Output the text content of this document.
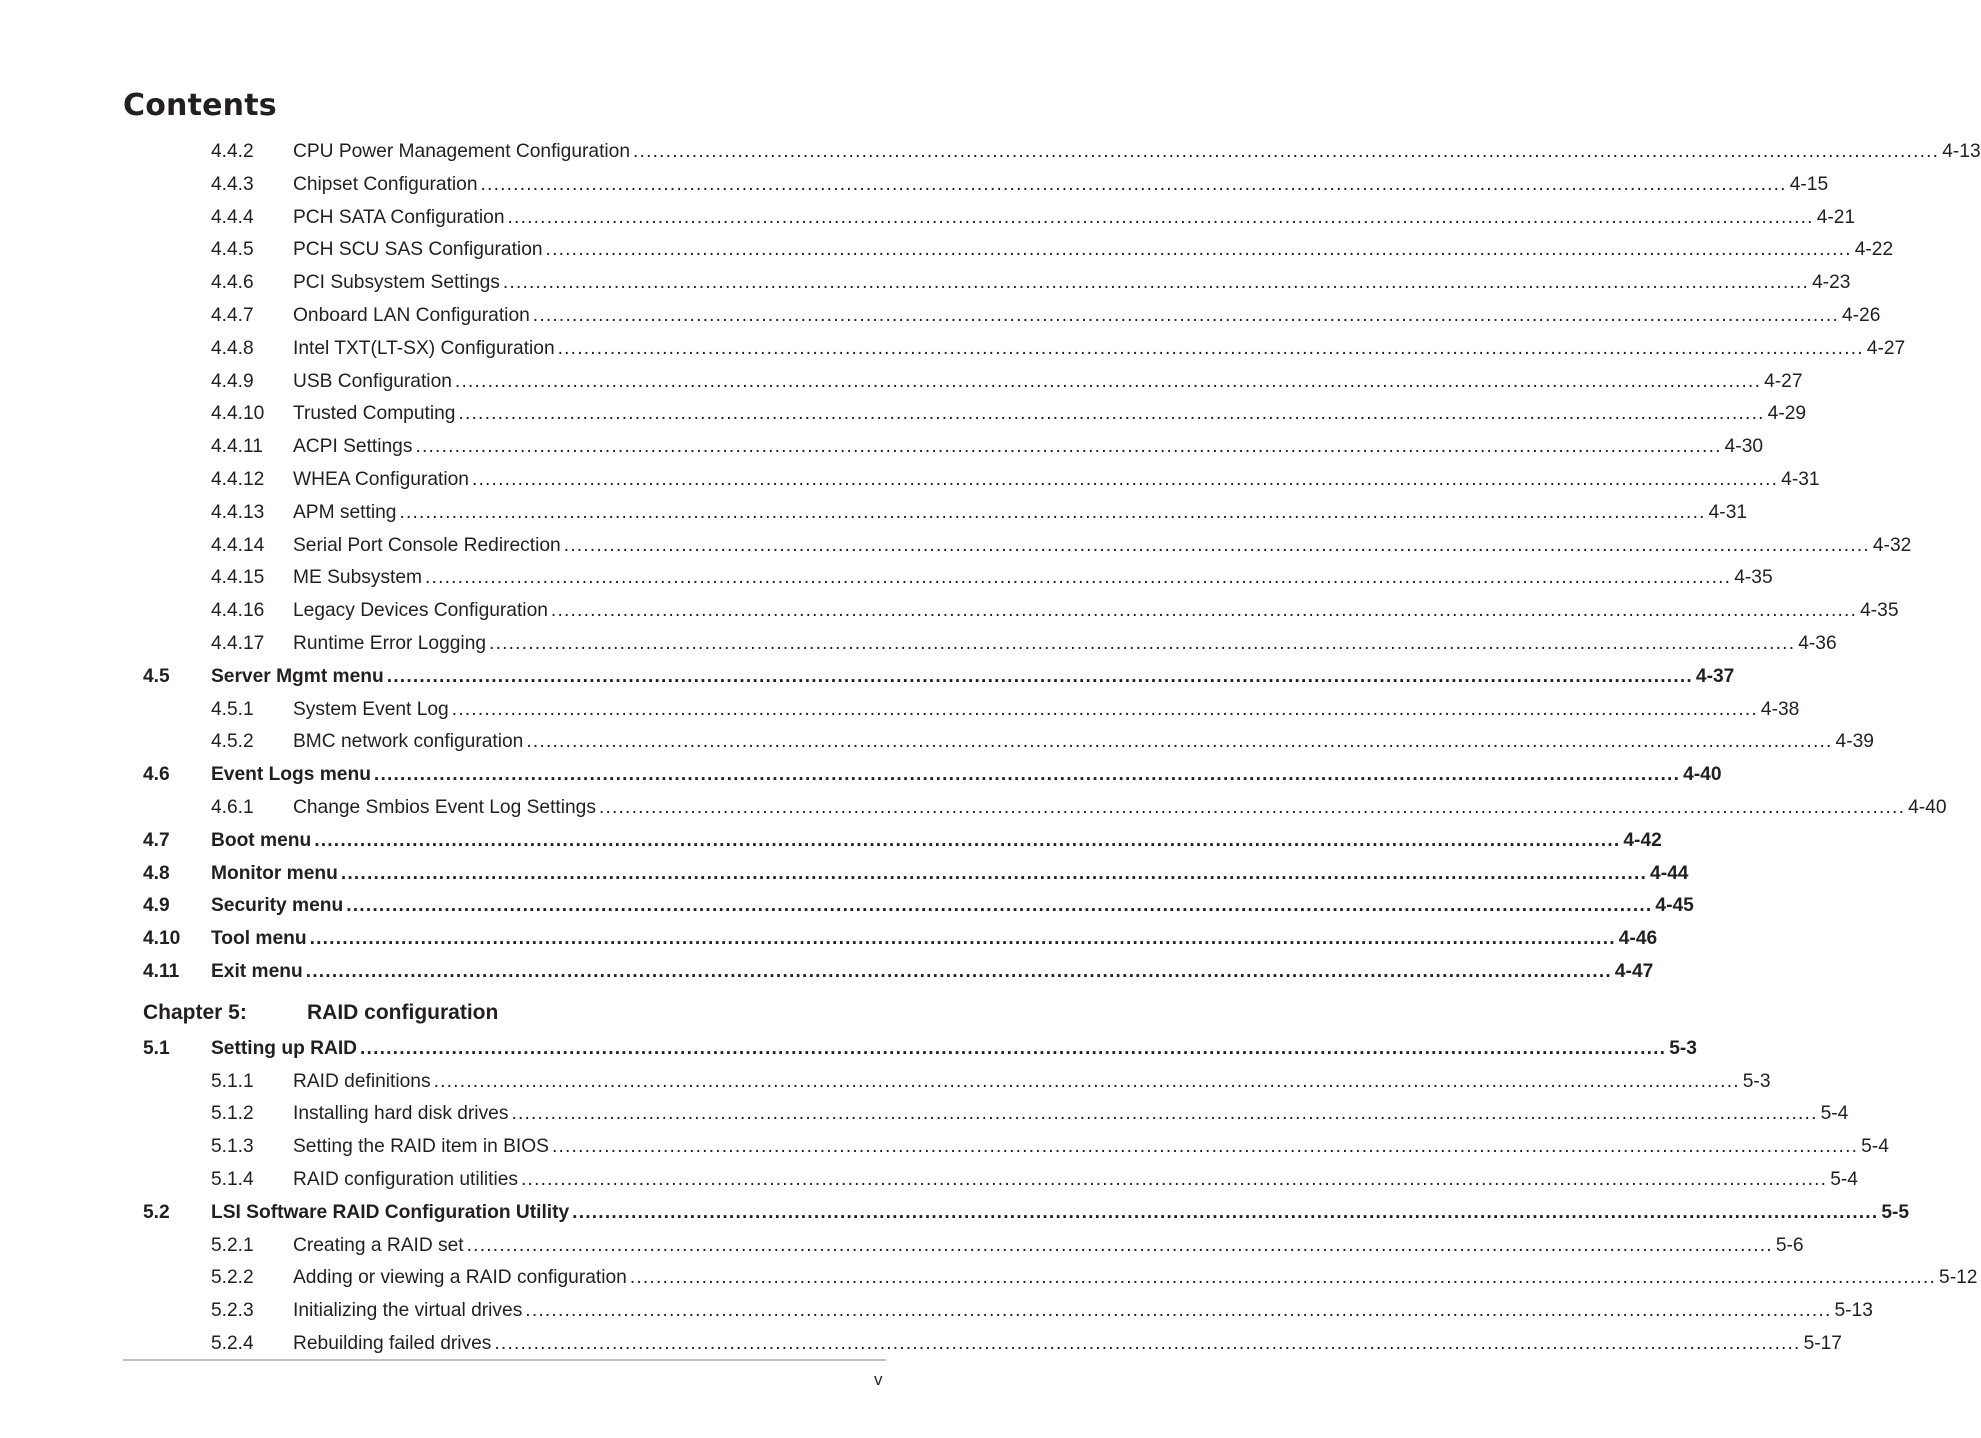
Contents
4.4.2 CPU Power Management Configuration ........................................................................................................................................................................................................ 4-13
4.4.3 Chipset Configuration ........................................................................................................................................................................................................ 4-15
4.4.4 PCH SATA Configuration ........................................................................................................................................................................................................ 4-21
4.4.5 PCH SCU SAS Configuration ........................................................................................................................................................................................................ 4-22
4.4.6 PCI Subsystem Settings ........................................................................................................................................................................................................ 4-23
4.4.7 Onboard LAN Configuration ........................................................................................................................................................................................................ 4-26
4.4.8 Intel TXT(LT-SX) Configuration ........................................................................................................................................................................................................ 4-27
4.4.9 USB Configuration ........................................................................................................................................................................................................ 4-27
4.4.10 Trusted Computing ........................................................................................................................................................................................................ 4-29
4.4.11 ACPI Settings ........................................................................................................................................................................................................ 4-30
4.4.12 WHEA Configuration ........................................................................................................................................................................................................ 4-31
4.4.13 APM setting ........................................................................................................................................................................................................ 4-31
4.4.14 Serial Port Console Redirection ........................................................................................................................................................................................................ 4-32
4.4.15 ME Subsystem ........................................................................................................................................................................................................ 4-35
4.4.16 Legacy Devices Configuration ........................................................................................................................................................................................................ 4-35
4.4.17 Runtime Error Logging ........................................................................................................................................................................................................ 4-36
4.5 Server Mgmt menu ........................................................................................................................................................................................................ 4-37
4.5.1 System Event Log ........................................................................................................................................................................................................ 4-38
4.5.2 BMC network configuration ........................................................................................................................................................................................................ 4-39
4.6 Event Logs menu ........................................................................................................................................................................................................ 4-40
4.6.1 Change Smbios Event Log Settings ........................................................................................................................................................................................................ 4-40
4.7 Boot menu ........................................................................................................................................................................................................ 4-42
4.8 Monitor menu ........................................................................................................................................................................................................ 4-44
4.9 Security menu ........................................................................................................................................................................................................ 4-45
4.10 Tool menu ........................................................................................................................................................................................................ 4-46
4.11 Exit menu ........................................................................................................................................................................................................ 4-47
Chapter 5:	RAID configuration
5.1 Setting up RAID ........................................................................................................................................................................................................ 5-3
5.1.1 RAID definitions ........................................................................................................................................................................................................ 5-3
5.1.2 Installing hard disk drives ........................................................................................................................................................................................................ 5-4
5.1.3 Setting the RAID item in BIOS ........................................................................................................................................................................................................ 5-4
5.1.4 RAID configuration utilities ........................................................................................................................................................................................................ 5-4
5.2 LSI Software RAID Configuration Utility ........................................................................................................................................................................................................ 5-5
5.2.1 Creating a RAID set ........................................................................................................................................................................................................ 5-6
5.2.2 Adding or viewing a RAID configuration ........................................................................................................................................................................................................ 5-12
5.2.3 Initializing the virtual drives ........................................................................................................................................................................................................ 5-13
5.2.4 Rebuilding failed drives ........................................................................................................................................................................................................ 5-17
v
